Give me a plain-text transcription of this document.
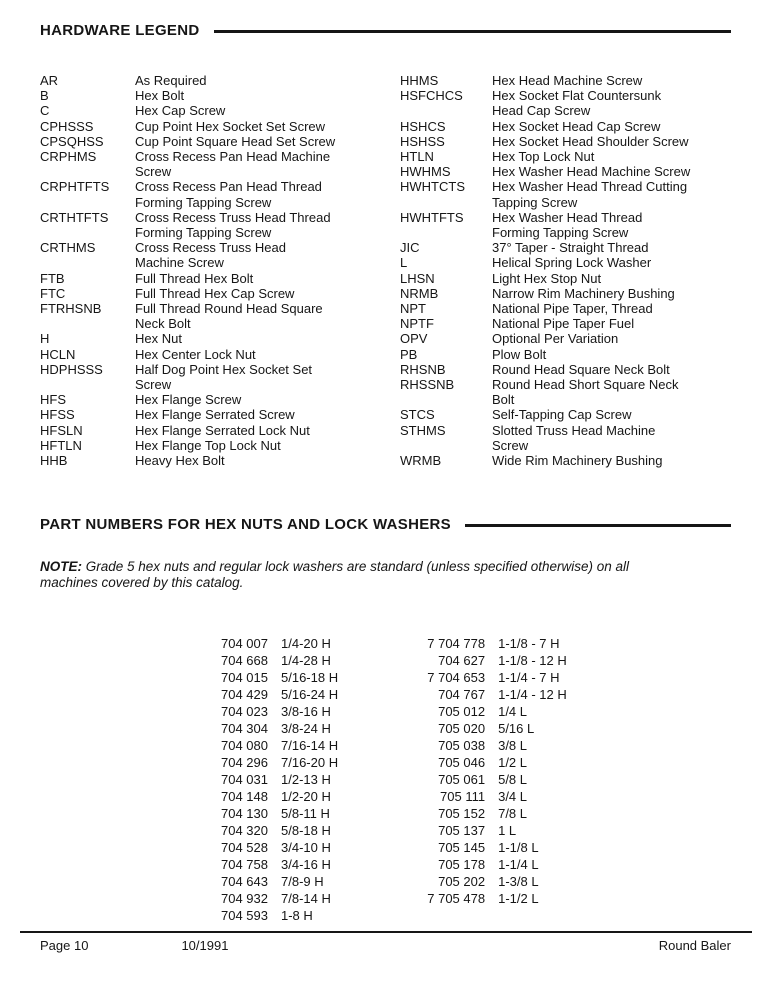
HARDWARE LEGEND
AR	As Required
B	Hex Bolt
C	Hex Cap Screw
CPHSSS	Cup Point Hex Socket Set Screw
CPSQHSS	Cup Point Square Head Set Screw
CRPHMS	Cross Recess Pan Head Machine Screw
CRPHTFTS	Cross Recess Pan Head Thread Forming Tapping Screw
CRTHTFTS	Cross Recess Truss Head Thread Forming Tapping Screw
CRTHMS	Cross Recess Truss Head Machine Screw
FTB	Full Thread Hex Bolt
FTC	Full Thread Hex Cap Screw
FTRHSNB	Full Thread Round Head Square Neck Bolt
H	Hex Nut
HCLN	Hex Center Lock Nut
HDPHSSS	Half Dog Point Hex Socket Set Screw
HFS	Hex Flange Screw
HFSS	Hex Flange Serrated Screw
HFSLN	Hex Flange Serrated Lock Nut
HFTLN	Hex Flange Top Lock Nut
HHB	Heavy Hex Bolt
HHMS	Hex Head Machine Screw
HSFCHCS	Hex Socket Flat Countersunk Head Cap Screw
HSHCS	Hex Socket Head Cap Screw
HSHSS	Hex Socket Head Shoulder Screw
HTLN	Hex Top Lock Nut
HWHMS	Hex Washer Head Machine Screw
HWHTCTS	Hex Washer Head Thread Cutting Tapping Screw
HWHTFTS	Hex Washer Head Thread Forming Tapping Screw
JIC	37° Taper - Straight Thread
L	Helical Spring Lock Washer
LHSN	Light Hex Stop Nut
NRMB	Narrow Rim Machinery Bushing
NPT	National Pipe Taper, Thread
NPTF	National Pipe Taper Fuel
OPV	Optional Per Variation
PB	Plow Bolt
RHSNB	Round Head Square Neck Bolt
RHSSNB	Round Head Short Square Neck Bolt
STCS	Self-Tapping Cap Screw
STHMS	Slotted Truss Head Machine Screw
WRMB	Wide Rim Machinery Bushing
PART NUMBERS FOR HEX NUTS AND LOCK WASHERS

NOTE: Grade 5 hex nuts and regular lock washers are standard (unless specified otherwise) on all machines covered by this catalog.

704 007 1/4-20 H
704 668 1/4-28 H
704 015 5/16-18 H
704 429 5/16-24 H
704 023 3/8-16 H
704 304 3/8-24 H
704 080 7/16-14 H
704 296 7/16-20 H
704 031 1/2-13 H
704 148 1/2-20 H
704 130 5/8-11 H
704 320 5/8-18 H
704 528 3/4-10 H
704 758 3/4-16 H
704 643 7/8-9 H
704 932 7/8-14 H
704 593 1-8 H
7 704 778 1-1/8 - 7 H
704 627 1-1/8 - 12 H
7 704 653 1-1/4 - 7 H
704 767 1-1/4 - 12 H
705 012 1/4 L
705 020 5/16 L
705 038 3/8 L
705 046 1/2 L
705 061 5/8 L
705 111 3/4 L
705 152 7/8 L
705 137 1 L
705 145 1-1/8 L
705 178 1-1/4 L
705 202 1-3/8 L
7 705 478 1-1/2 L
Page 10	10/1991	Round Baler
